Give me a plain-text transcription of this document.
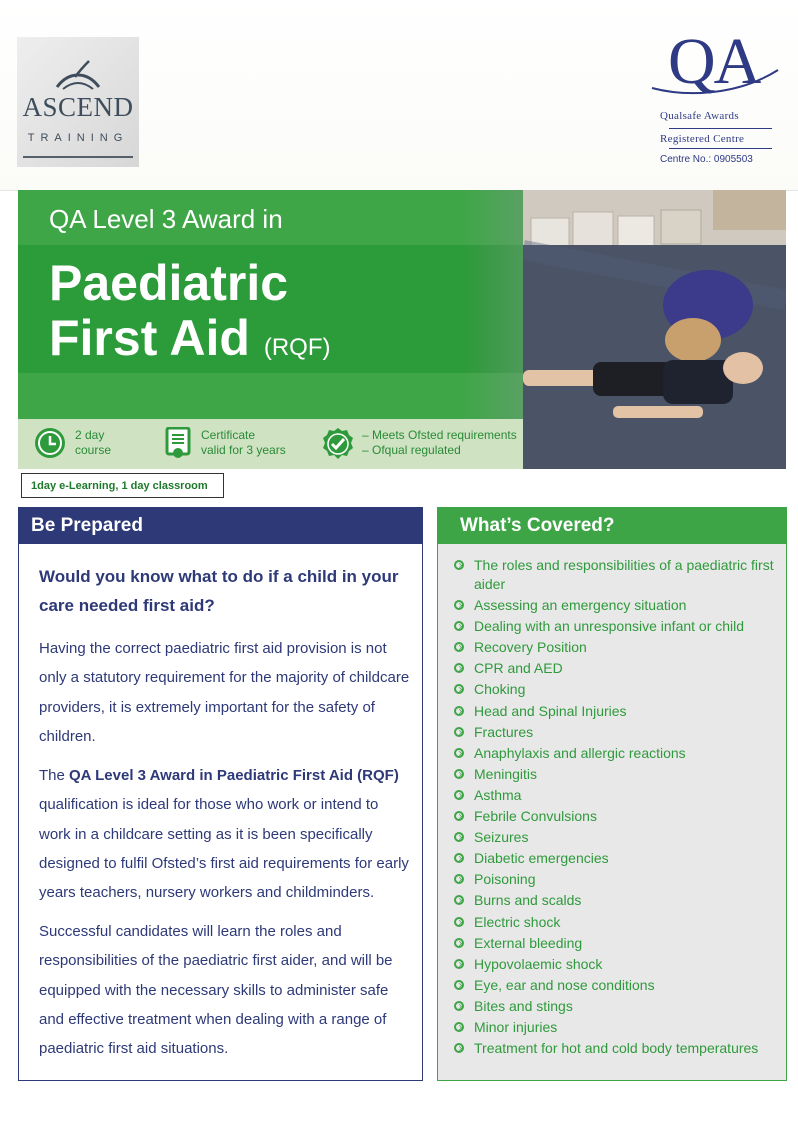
ASCEND
TRAINING
QA
Qualsafe Awards
Registered Centre
Centre No.: 0905503
QA Level 3 Award in
Paediatric
First Aid (RQF)
2 day
course
Certificate
valid for 3 years
– Meets Ofsted requirements
– Ofqual regulated
1day e-Learning, 1 day classroom
Be Prepared
Would you know what to do if a child in your care needed first aid?
Having the correct paediatric first aid provision is not only a statutory requirement for the majority of childcare providers, it is extremely important for the safety of children.
The QA Level 3 Award in Paediatric First Aid (RQF) qualification is ideal for those who work or intend to work in a childcare setting as it is been specifically designed to fulfil Ofsted’s first aid requirements for early years teachers, nursery workers and childminders.
Successful candidates will learn the roles and responsibilities of the paediatric first aider, and will be equipped with the necessary skills to administer safe and effective treatment when dealing with a range of paediatric first aid situations.
What’s Covered?
The roles and responsibilities of a paediatric first aider
Assessing an emergency situation
Dealing with an unresponsive infant or child
Recovery Position
CPR and AED
Choking
Head and Spinal Injuries
Fractures
Anaphylaxis and allergic reactions
Meningitis
Asthma
Febrile Convulsions
Seizures
Diabetic emergencies
Poisoning
Burns and scalds
Electric shock
External bleeding
Hypovolaemic shock
Eye, ear and nose conditions
Bites and stings
Minor injuries
Treatment for hot and cold body temperatures
